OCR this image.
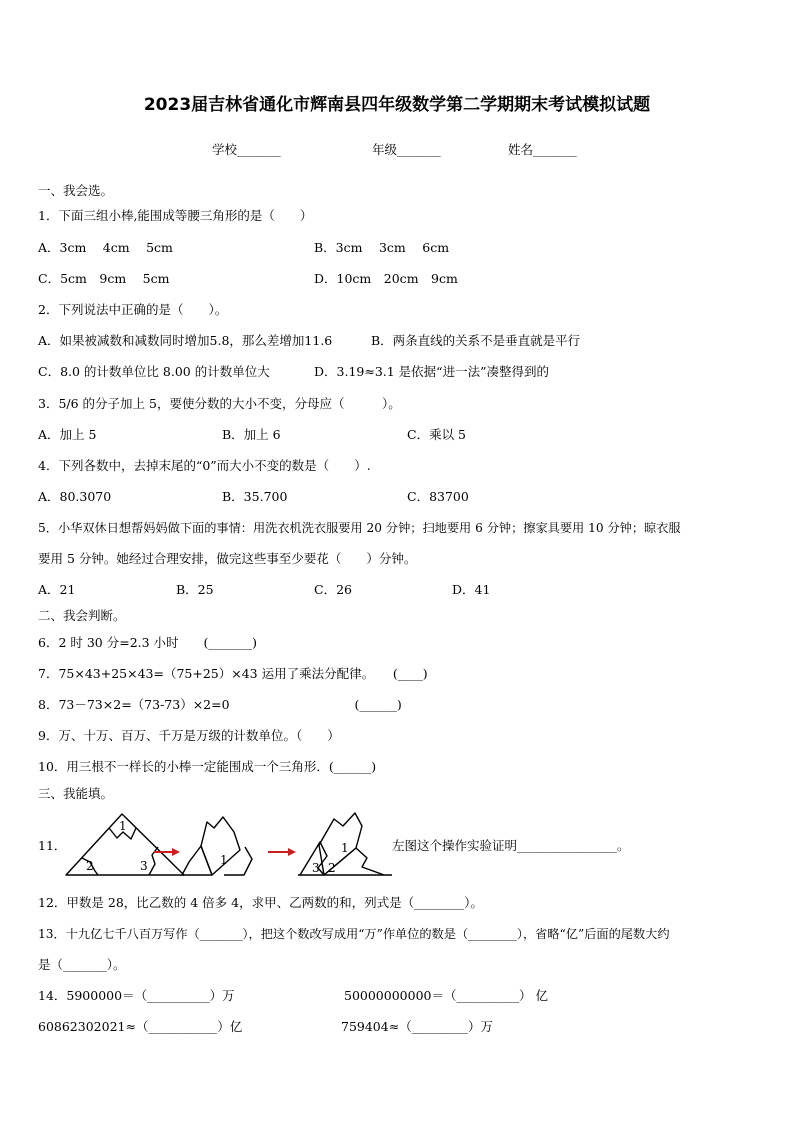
2023届吉林省通化市辉南县四年级数学第二学期期末考试模拟试题
学校_______	年级_______	姓名_______
一、我会选。
1．下面三组小棒,能围成等腰三角形的是（　　）
A．3cm　 4cm　 5cm	B．3cm　 3cm　 6cm
C．5cm　9cm　 5cm	D．10cm　20cm　9cm
2．下列说法中正确的是（　　）。
A．如果被减数和减数同时增加5.8，那么差增加11.6	B．两条直线的关系不是垂直就是平行
C．8.0 的计数单位比 8.00 的计数单位大	D．3.19≈3.1 是依据“进一法”凑整得到的
3．5/6 的分子加上 5，要使分数的大小不变，分母应（　　　）。
A．加上 5	B．加上 6	C．乘以 5
4．下列各数中，去掉末尾的“0”而大小不变的数是（　　）.
A．80.3070	B．35.700	C．83700
5．小华双休日想帮妈妈做下面的事情：用洗衣机洗衣服要用 20 分钟；扫地要用 6 分钟；擦家具要用 10 分钟；晾衣服
要用 5 分钟。她经过合理安排，做完这些事至少要花（　　）分钟。
A．21	B．25	C．26	D．41
二、我会判断。
6．2 时 30 分=2.3 小时　　(_______)
7．75×43+25×43=（75+25）×43 运用了乘法分配律。　　(____)
8．73－73×2=（73-73）×2=0　　　　　　　　　　(______)
9．万、十万、百万、千万是万级的计数单位。（　　）
10．用三根不一样长的小棒一定能围成一个三角形．(______)
三、我能填。
11．
1
2	3	1
1
3 2
左图这个操作实验证明________________。
12．甲数是 28，比乙数的 4 倍多 4，求甲、乙两数的和，列式是（________）。
13．十九亿七千八百万写作（_______），把这个数改写成用“万”作单位的数是（________），省略“亿”后面的尾数大约
是（_______）。
14．5900000＝（__________）万	50000000000＝（__________） 亿
60862302021≈（___________）亿	759404≈（_________）万
